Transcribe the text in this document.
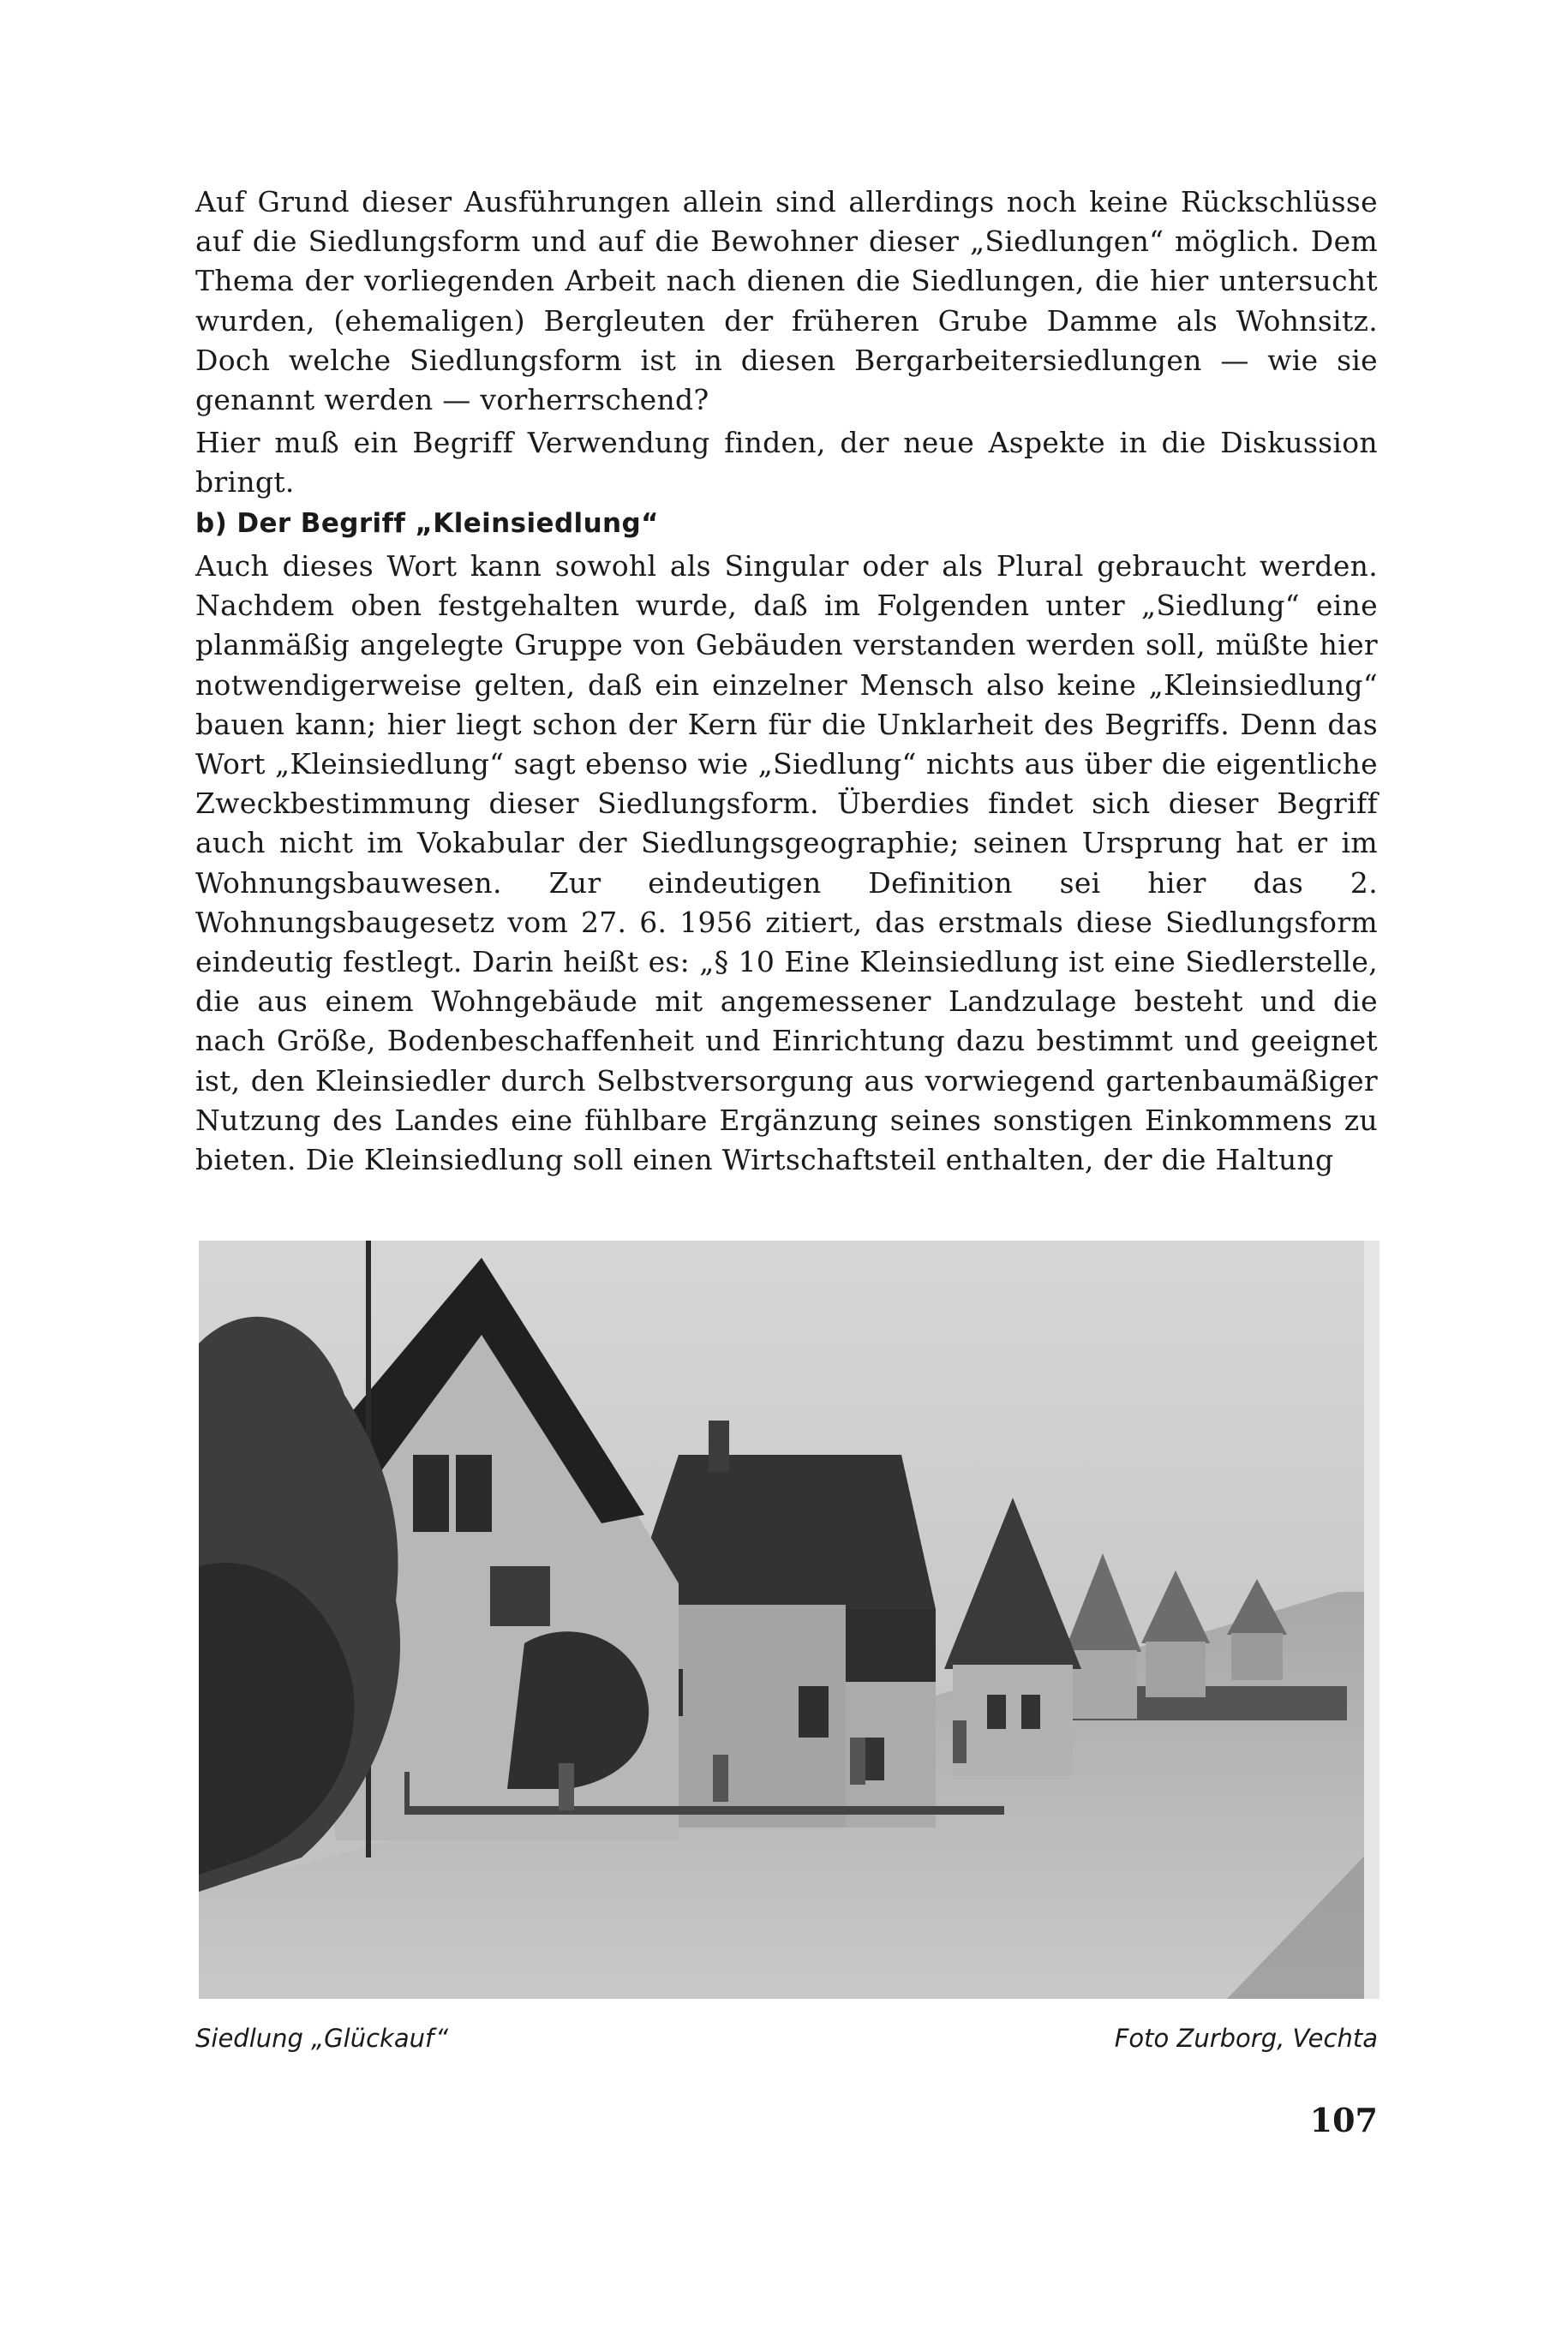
Auf Grund dieser Ausführungen allein sind allerdings noch keine Rückschlüsse auf die Siedlungsform und auf die Bewohner dieser „Siedlungen“ möglich. Dem Thema der vorliegenden Arbeit nach dienen die Siedlungen, die hier untersucht wurden, (ehemaligen) Bergleuten der früheren Grube Damme als Wohnsitz. Doch welche Siedlungsform ist in diesen Bergarbeitersiedlungen — wie sie genannt werden — vorherrschend?

Hier muß ein Begriff Verwendung finden, der neue Aspekte in die Diskussion bringt.

b) Der Begriff „Kleinsiedlung“

Auch dieses Wort kann sowohl als Singular oder als Plural gebraucht werden. Nachdem oben festgehalten wurde, daß im Folgenden unter „Siedlung“ eine planmäßig angelegte Gruppe von Gebäuden verstanden werden soll, müßte hier notwendigerweise gelten, daß ein einzelner Mensch also keine „Kleinsiedlung“ bauen kann; hier liegt schon der Kern für die Unklarheit des Begriffs. Denn das Wort „Kleinsiedlung“ sagt ebenso wie „Siedlung“ nichts aus über die eigentliche Zweckbestimmung dieser Siedlungsform. Überdies findet sich dieser Begriff auch nicht im Vokabular der Siedlungsgeographie; seinen Ursprung hat er im Wohnungsbauwesen. Zur eindeutigen Definition sei hier das 2. Wohnungsbaugesetz vom 27. 6. 1956 zitiert, das erstmals diese Siedlungsform eindeutig festlegt. Darin heißt es: „§ 10 Eine Kleinsiedlung ist eine Siedlerstelle, die aus einem Wohngebäude mit angemessener Landzulage besteht und die nach Größe, Bodenbeschaffenheit und Einrichtung dazu bestimmt und geeignet ist, den Kleinsiedler durch Selbstversorgung aus vorwiegend gartenbaumäßiger Nutzung des Landes eine fühlbare Ergänzung seines sonstigen Einkommens zu bieten. Die Kleinsiedlung soll einen Wirtschaftsteil enthalten, der die Haltung

Siedlung „Glückauf“	Foto Zurborg, Vechta
107
